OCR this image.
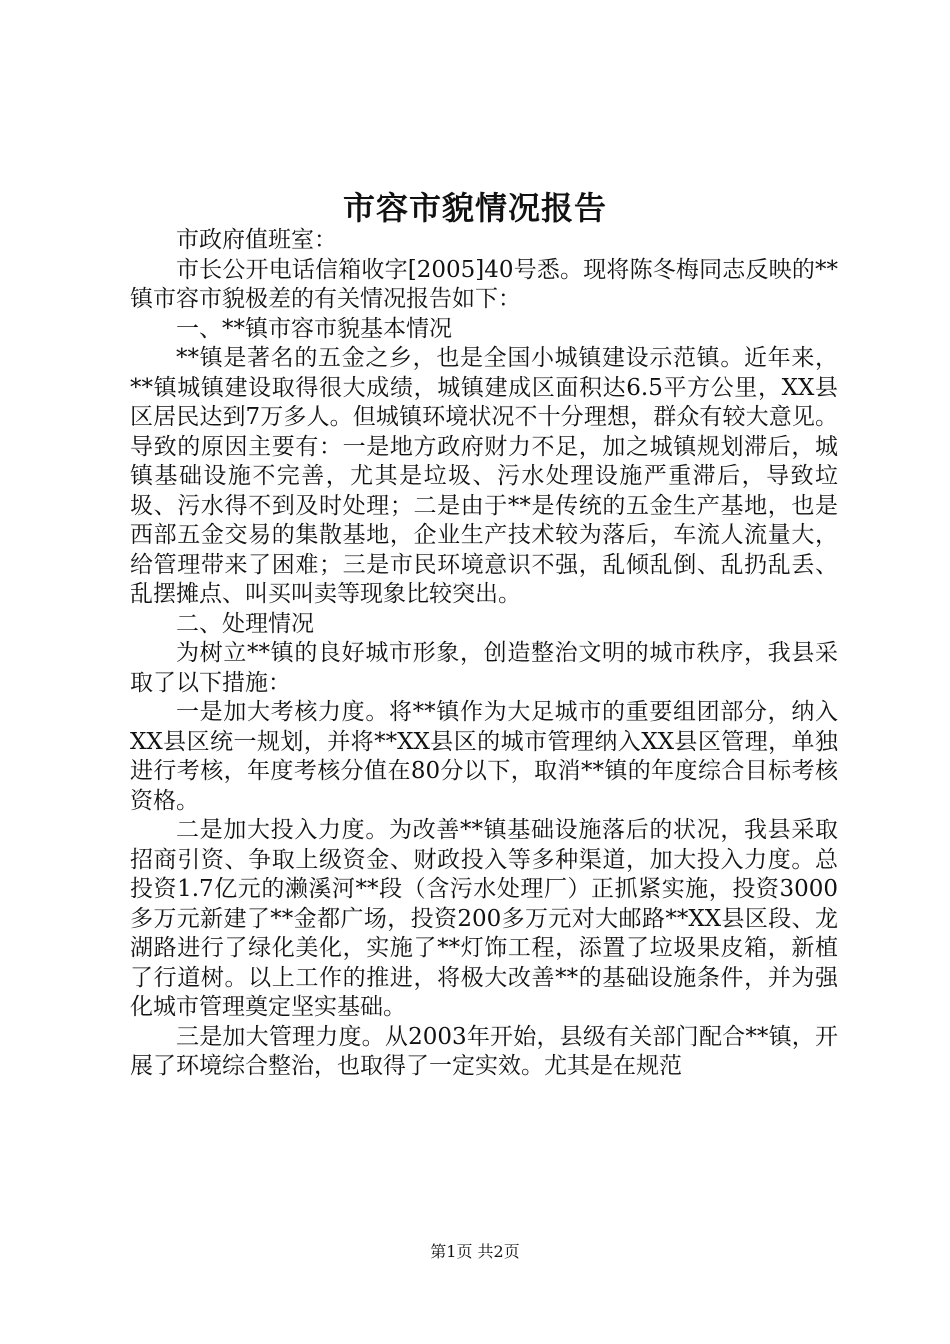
市容市貌情况报告

市政府值班室：

市长公开电话信箱收字[2005]40号悉。现将陈冬梅同志反映的**镇市容市貌极差的有关情况报告如下：

一、**镇市容市貌基本情况

**镇是著名的五金之乡，也是全国小城镇建设示范镇。近年来，**镇城镇建设取得很大成绩，城镇建成区面积达6.5平方公里，XX县区居民达到7万多人。但城镇环境状况不十分理想，群众有较大意见。导致的原因主要有：一是地方政府财力不足，加之城镇规划滞后，城镇基础设施不完善，尤其是垃圾、污水处理设施严重滞后，导致垃圾、污水得不到及时处理；二是由于**是传统的五金生产基地，也是西部五金交易的集散基地，企业生产技术较为落后，车流人流量大，给管理带来了困难；三是市民环境意识不强，乱倾乱倒、乱扔乱丢、乱摆摊点、叫买叫卖等现象比较突出。

二、处理情况

为树立**镇的良好城市形象，创造整治文明的城市秩序，我县采取了以下措施：

一是加大考核力度。将**镇作为大足城市的重要组团部分，纳入XX县区统一规划，并将**XX县区的城市管理纳入XX县区管理，单独进行考核，年度考核分值在80分以下，取消**镇的年度综合目标考核资格。

二是加大投入力度。为改善**镇基础设施落后的状况，我县采取招商引资、争取上级资金、财政投入等多种渠道，加大投入力度。总投资1.7亿元的濑溪河**段（含污水处理厂）正抓紧实施，投资3000多万元新建了**金都广场，投资200多万元对大邮路**XX县区段、龙湖路进行了绿化美化，实施了**灯饰工程，添置了垃圾果皮箱，新植了行道树。以上工作的推进，将极大改善**的基础设施条件，并为强化城市管理奠定坚实基础。

三是加大管理力度。从2003年开始，县级有关部门配合**镇，开展了环境综合整治，也取得了一定实效。尤其是在规范

第1页 共2页
